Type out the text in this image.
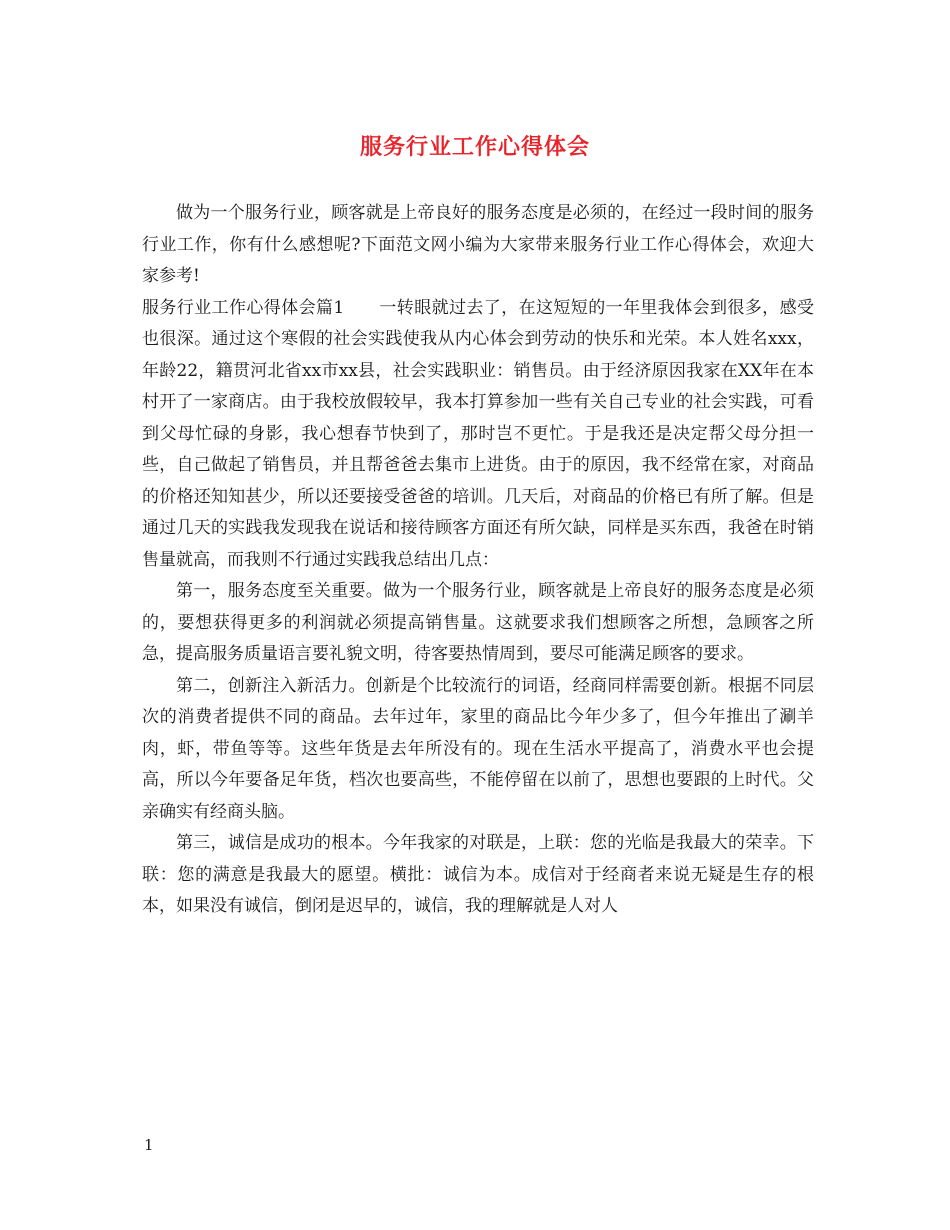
服务行业工作心得体会

做为一个服务行业，顾客就是上帝良好的服务态度是必须的，在经过一段时间的服务行业工作，你有什么感想呢?下面范文网小编为大家带来服务行业工作心得体会，欢迎大家参考!

服务行业工作心得体会篇1　　一转眼就过去了，在这短短的一年里我体会到很多，感受也很深。通过这个寒假的社会实践使我从内心体会到劳动的快乐和光荣。本人姓名xxx，年龄22，籍贯河北省xx市xx县，社会实践职业：销售员。由于经济原因我家在XX年在本村开了一家商店。由于我校放假较早，我本打算参加一些有关自己专业的社会实践，可看到父母忙碌的身影，我心想春节快到了，那时岂不更忙。于是我还是决定帮父母分担一些，自己做起了销售员，并且帮爸爸去集市上进货。由于的原因，我不经常在家，对商品的价格还知知甚少，所以还要接受爸爸的培训。几天后，对商品的价格已有所了解。但是通过几天的实践我发现我在说话和接待顾客方面还有所欠缺，同样是买东西，我爸在时销售量就高，而我则不行通过实践我总结出几点：

第一，服务态度至关重要。做为一个服务行业，顾客就是上帝良好的服务态度是必须的，要想获得更多的利润就必须提高销售量。这就要求我们想顾客之所想，急顾客之所急，提高服务质量语言要礼貌文明，待客要热情周到，要尽可能满足顾客的要求。

第二，创新注入新活力。创新是个比较流行的词语，经商同样需要创新。根据不同层次的消费者提供不同的商品。去年过年，家里的商品比今年少多了，但今年推出了涮羊肉，虾，带鱼等等。这些年货是去年所没有的。现在生活水平提高了，消费水平也会提高，所以今年要备足年货，档次也要高些，不能停留在以前了，思想也要跟的上时代。父亲确实有经商头脑。

第三，诚信是成功的根本。今年我家的对联是，上联：您的光临是我最大的荣幸。下联：您的满意是我最大的愿望。横批：诚信为本。成信对于经商者来说无疑是生存的根本，如果没有诚信，倒闭是迟早的，诚信，我的理解就是人对人

1
